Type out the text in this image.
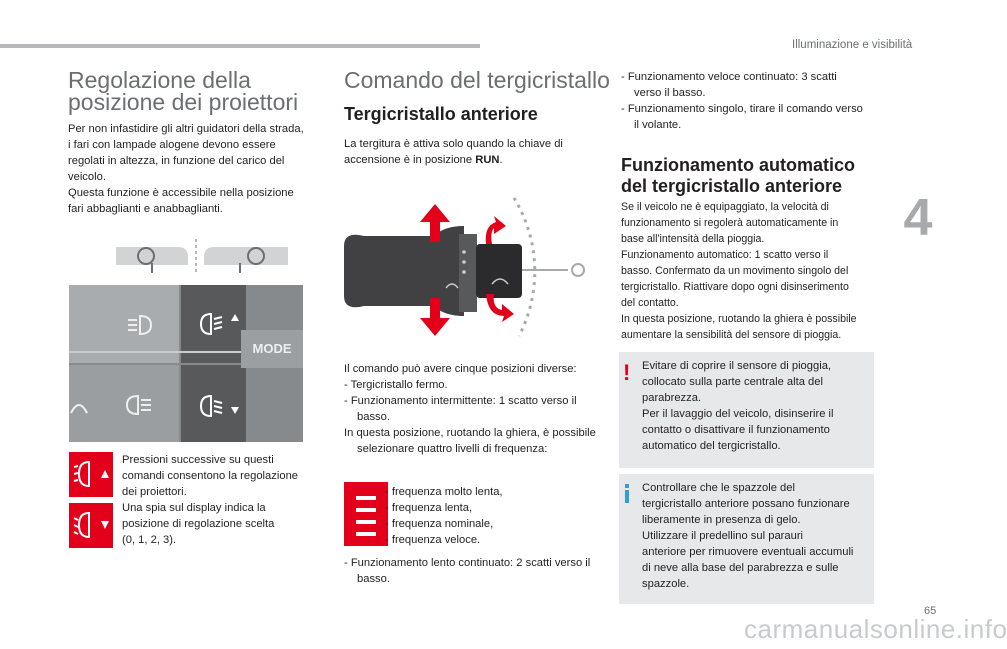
Illuminazione e visibilità
4
Regolazione della
posizione dei proiettori
Per non infastidire gli altri guidatori della strada,
i fari con lampade alogene devono essere
regolati in altezza, in funzione del carico del
veicolo.
Questa funzione è accessibile nella posizione
fari abbaglianti e anabbaglianti.
MODE
Pressioni successive su questi
comandi consentono la regolazione
dei proiettori.
Una spia sul display indica la
posizione di regolazione scelta
(0, 1, 2, 3).
Comando del tergicristallo
Tergicristallo anteriore
La tergitura è attiva solo quando la chiave di
accensione è in posizione RUN.
Il comando può avere cinque posizioni diverse:
- Tergicristallo fermo.
- Funzionamento intermittente: 1 scatto verso il basso.
In questa posizione, ruotando la ghiera, è possibile selezionare quattro livelli di frequenza:
- frequenza molto lenta,
- frequenza lenta,
- frequenza nominale,
- frequenza veloce.
- Funzionamento lento continuato: 2 scatti verso il basso.
- Funzionamento veloce continuato: 3 scatti verso il basso.
- Funzionamento singolo, tirare il comando verso il volante.
Funzionamento automatico
del tergicristallo anteriore
Se il veicolo ne è equipaggiato, la velocità di
funzionamento si regolerà automaticamente in
base all'intensità della pioggia.
Funzionamento automatico: 1 scatto verso il
basso. Confermato da un movimento singolo del
tergicristallo. Riattivare dopo ogni disinserimento
del contatto.
In questa posizione, ruotando la ghiera è possibile
aumentare la sensibilità del sensore di pioggia.
!	Evitare di coprire il sensore di pioggia,
collocato sulla parte centrale alta del
parabrezza.
Per il lavaggio del veicolo, disinserire il
contatto o disattivare il funzionamento
automatico del tergicristallo.
Controllare che le spazzole del
tergicristallo anteriore possano funzionare
liberamente in presenza di gelo.
Utilizzare il predellino sul parauri
anteriore per rimuovere eventuali accumuli
di neve alla base del parabrezza e sulle
spazzole.
65
carmanualsonline.info
